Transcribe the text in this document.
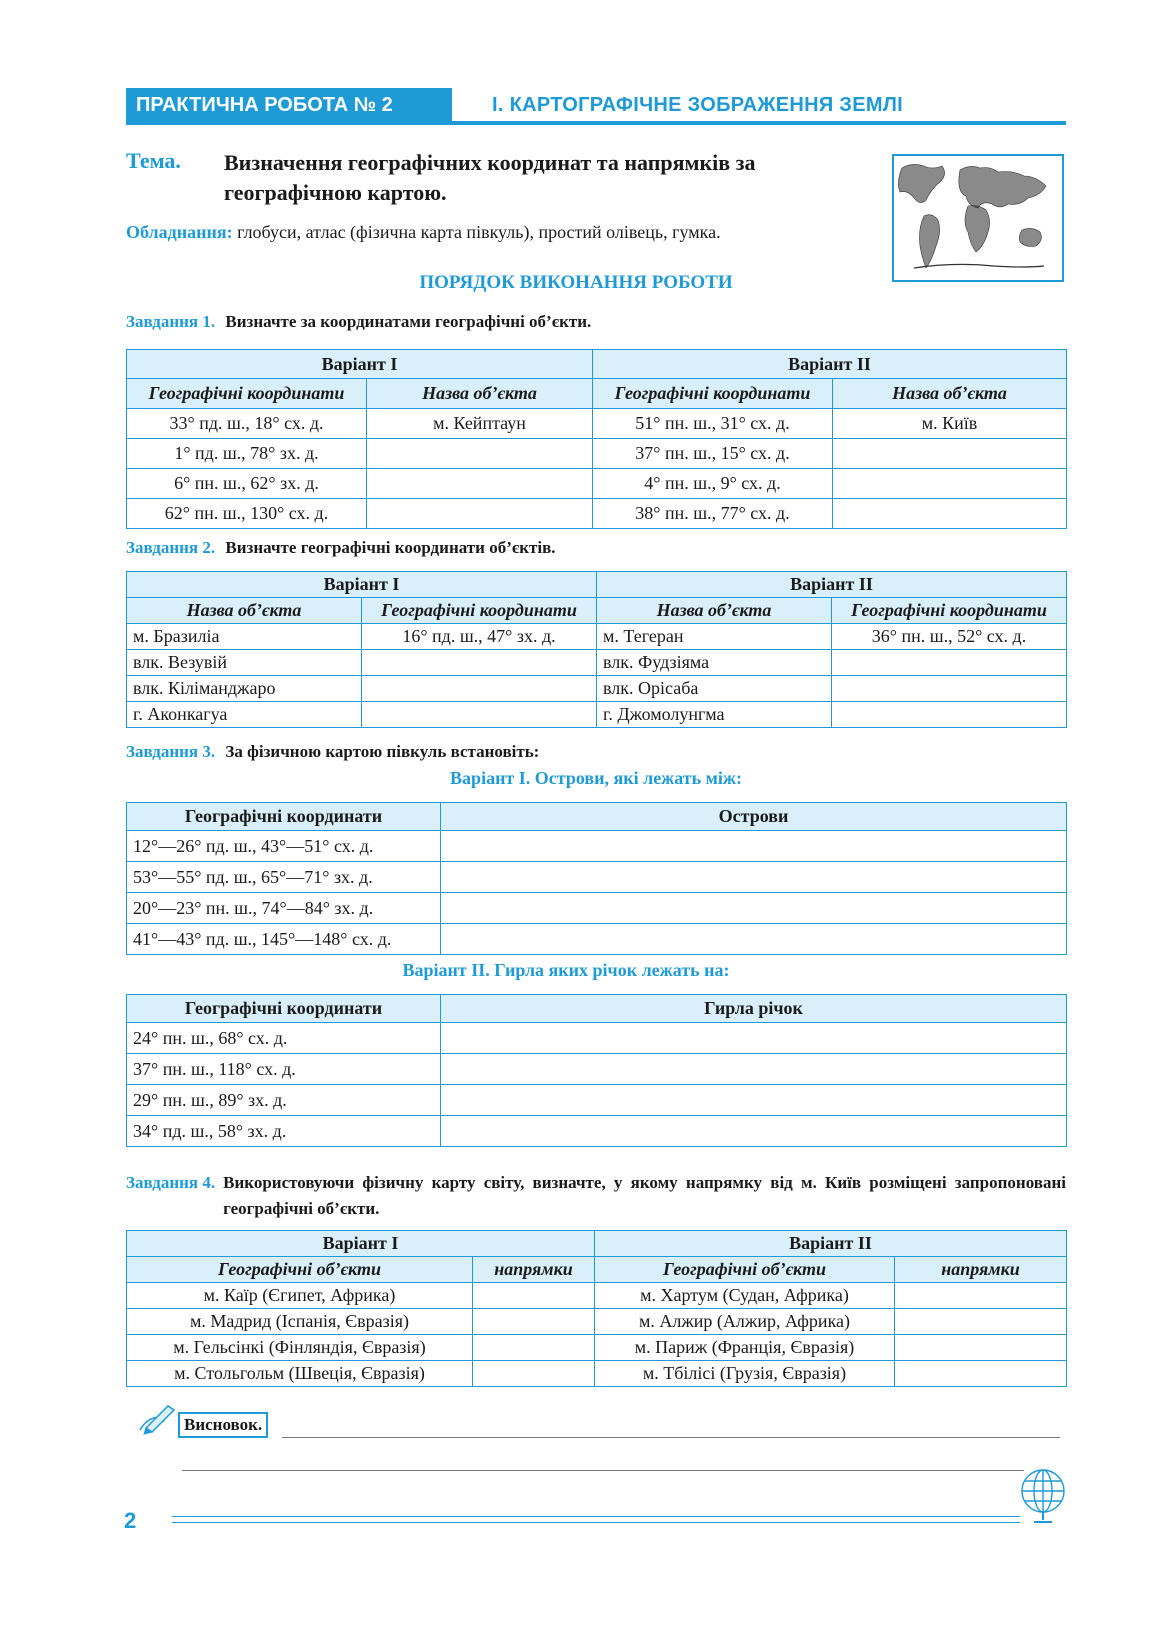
ПРАКТИЧНА РОБОТА № 2	І. КАРТОГРАФІЧНЕ ЗОБРАЖЕННЯ ЗЕМЛІ
Тема. Визначення географічних координат та напрямків за географічною картою.
Обладнання: глобуси, атлас (фізична карта півкуль), простий олівець, гумка.
ПОРЯДОК ВИКОНАННЯ РОБОТИ
Завдання 1. Визначте за координатами географічні об’єкти.
Варіант І		Варіант ІІ	
Географічні координати	Назва об’єкта	Географічні координати	Назва об’єкта
33° пд. ш., 18° сх. д.	м. Кейптаун	51° пн. ш., 31° сх. д.	м. Київ
1° пд. ш., 78° зх. д.		37° пн. ш., 15° сх. д.	
6° пн. ш., 62° зх. д.		4° пн. ш., 9° сх. д.	
62° пн. ш., 130° сх. д.		38° пн. ш., 77° сх. д.	
Завдання 2. Визначте географічні координати об’єктів.
Варіант І		Варіант ІІ	
Назва об’єкта	Географічні координати	Назва об’єкта	Географічні координати
м. Бразиліа	16° пд. ш., 47° зх. д.	м. Тегеран	36° пн. ш., 52° сх. д.
влк. Везувій		влк. Фудзіяма	
влк. Кіліманджаро		влк. Орісаба	
г. Аконкагуа		г. Джомолунгма	
Завдання 3. За фізичною картою півкуль встановіть:
Варіант І. Острови, які лежать між:
Географічні координати	Острови
12°—26° пд. ш., 43°—51° сх. д.	
53°—55° пд. ш., 65°—71° зх. д.	
20°—23° пн. ш., 74°—84° зх. д.	
41°—43° пд. ш., 145°—148° сх. д.	
Варіант ІІ. Гирла яких річок лежать на:
Географічні координати	Гирла річок
24° пн. ш., 68° сх. д.	
37° пн. ш., 118° сх. д.	
29° пн. ш., 89° зх. д.	
34° пд. ш., 58° зх. д.	
Завдання 4. Використовуючи фізичну карту світу, визначте, у якому напрямку від м. Київ розміщені запропоновані географічні об’єкти.
Варіант І		Варіант ІІ	
Географічні об’єкти	напрямки	Географічні об’єкти	напрямки
м. Каїр (Єгипет, Африка)		м. Хартум (Судан, Африка)	
м. Мадрид (Іспанія, Євразія)		м. Алжир (Алжир, Африка)	
м. Гельсінкі (Фінляндія, Євразія)		м. Париж (Франція, Євразія)	
м. Стольгольм (Швеція, Євразія)		м. Тбілісі (Грузія, Євразія)	
Висновок.
2
